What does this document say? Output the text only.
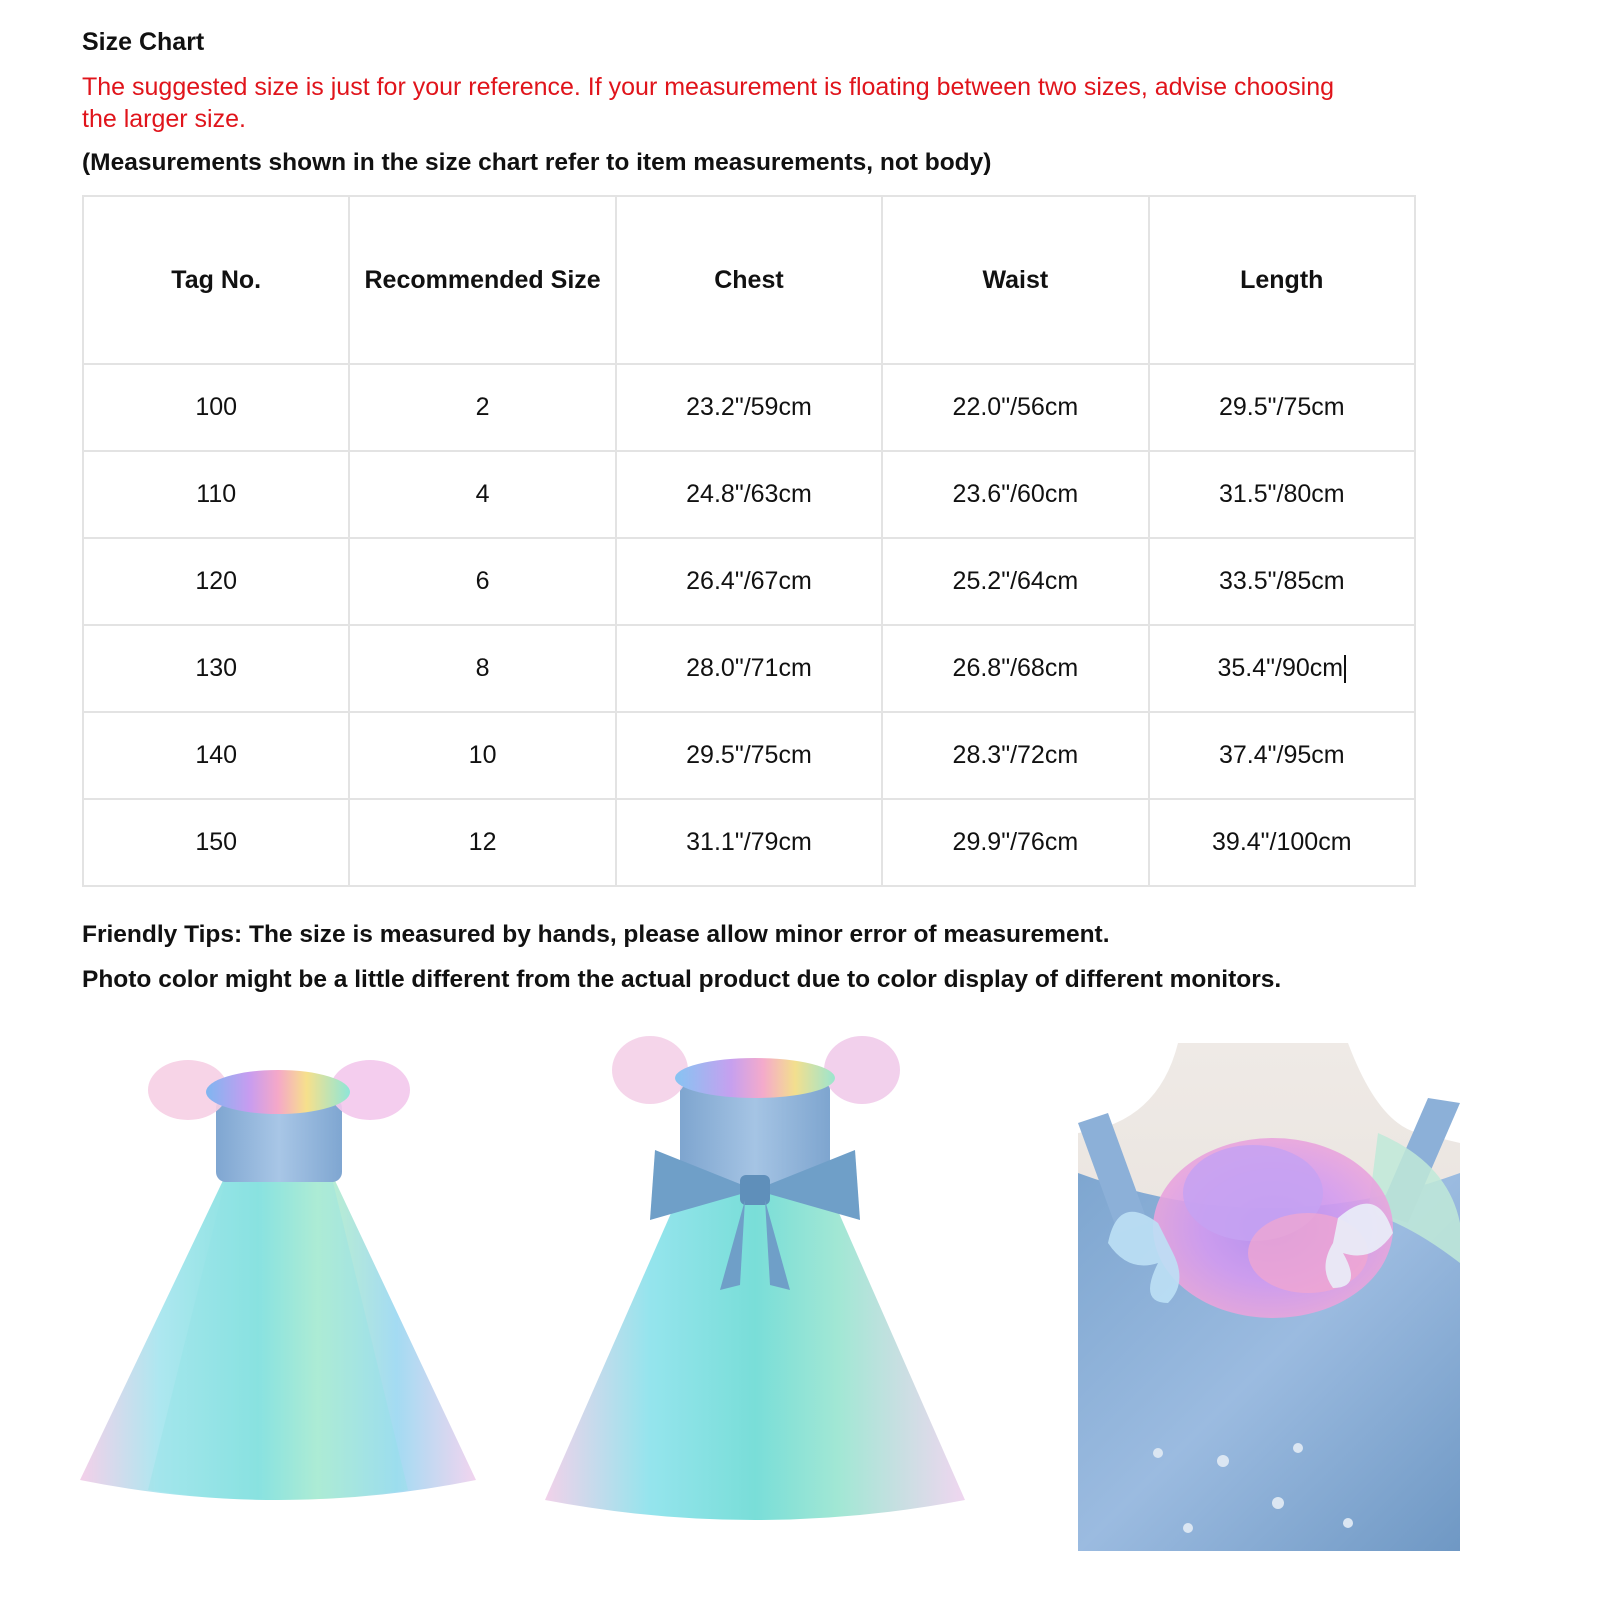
Size Chart

The suggested size is just for your reference. If your measurement is floating between two sizes, advise choosing the larger size.

(Measurements shown in the size chart refer to item measurements, not body)

Tag No.	Recommended Size	Chest	Waist	Length
100	2	23.2"/59cm	22.0"/56cm	29.5"/75cm
110	4	24.8"/63cm	23.6"/60cm	31.5"/80cm
120	6	26.4"/67cm	25.2"/64cm	33.5"/85cm
130	8	28.0"/71cm	26.8"/68cm	35.4"/90cm
140	10	29.5"/75cm	28.3"/72cm	37.4"/95cm
150	12	31.1"/79cm	29.9"/76cm	39.4"/100cm

Friendly Tips: The size is measured by hands, please allow minor error of measurement.

Photo color might be a little different from the actual product due to color display of different monitors.
